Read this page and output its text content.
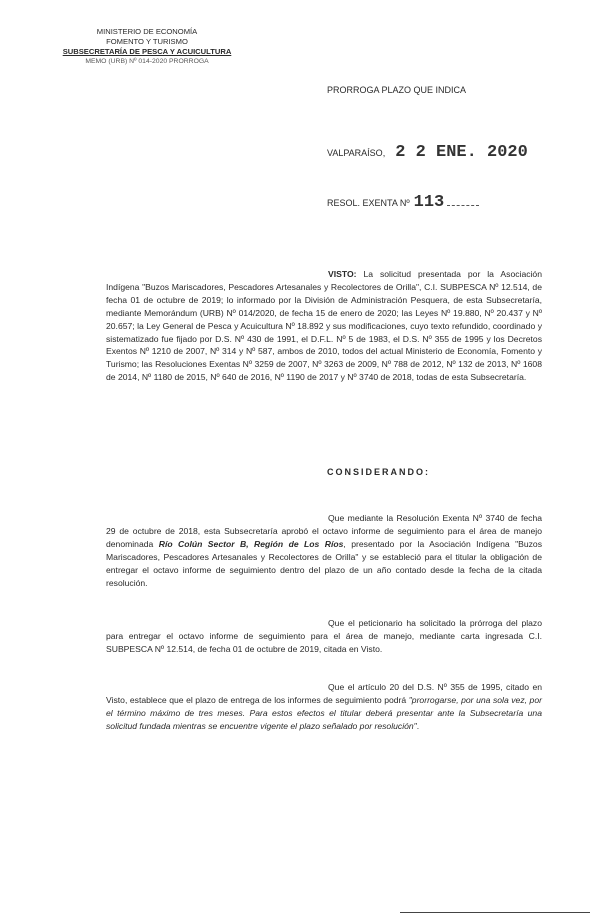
MINISTERIO DE ECONOMÍA
FOMENTO Y TURISMO
SUBSECRETARÍA DE PESCA Y ACUICULTURA
MEMO (URB) Nº 014-2020 PRORROGA
PRORROGA PLAZO QUE INDICA
VALPARAÍSO, 2 2 ENE. 2020
RESOL. EXENTA Nº 113
VISTO: La solicitud presentada por la Asociación Indígena "Buzos Mariscadores, Pescadores Artesanales y Recolectores de Orilla", C.I. SUBPESCA Nº 12.514, de fecha 01 de octubre de 2019; lo informado por la División de Administración Pesquera, de esta Subsecretaría, mediante Memorándum (URB) Nº 014/2020, de fecha 15 de enero de 2020; las Leyes Nº 19.880, Nº 20.437 y Nº 20.657; la Ley General de Pesca y Acuicultura Nº 18.892 y sus modificaciones, cuyo texto refundido, coordinado y sistematizado fue fijado por D.S. Nº 430 de 1991, el D.F.L. Nº 5 de 1983, el D.S. Nº 355 de 1995 y los Decretos Exentos Nº 1210 de 2007, Nº 314 y Nº 587, ambos de 2010, todos del actual Ministerio de Economía, Fomento y Turismo; las Resoluciones Exentas Nº 3259 de 2007, Nº 3263 de 2009, Nº 788 de 2012, Nº 132 de 2013, Nº 1608 de 2014, Nº 1180 de 2015, Nº 640 de 2016, Nº 1190 de 2017 y Nº 3740 de 2018, todas de esta Subsecretaría.
CONSIDERANDO:
Que mediante la Resolución Exenta Nº 3740 de fecha 29 de octubre de 2018, esta Subsecretaría aprobó el octavo informe de seguimiento para el área de manejo denominada Río Colún Sector B, Región de Los Ríos, presentado por la Asociación Indígena "Buzos Mariscadores, Pescadores Artesanales y Recolectores de Orilla" y se estableció para el titular la obligación de entregar el octavo informe de seguimiento dentro del plazo de un año contado desde la fecha de la citada resolución.
Que el peticionario ha solicitado la prórroga del plazo para entregar el octavo informe de seguimiento para el área de manejo, mediante carta ingresada C.I. SUBPESCA Nº 12.514, de fecha 01 de octubre de 2019, citada en Visto.
Que el artículo 20 del D.S. Nº 355 de 1995, citado en Visto, establece que el plazo de entrega de los informes de seguimiento podrá "prorrogarse, por una sola vez, por el término máximo de tres meses. Para estos efectos el titular deberá presentar ante la Subsecretaría una solicitud fundada mientras se encuentre vigente el plazo señalado por resolución".
